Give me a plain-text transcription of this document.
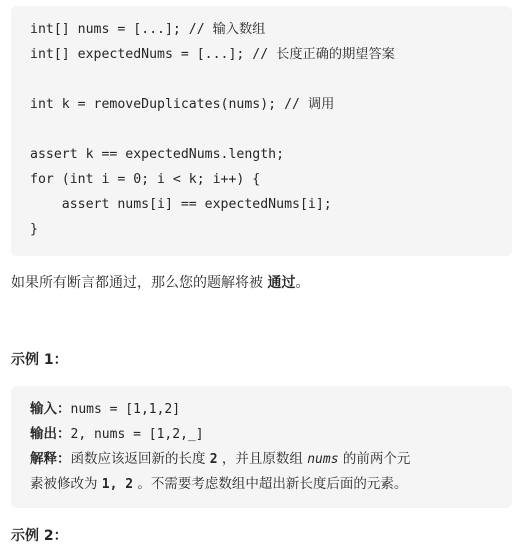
int[] nums = [...]; // 输入数组
int[] expectedNums = [...]; // 长度正确的期望答案
int k = removeDuplicates(nums); // 调用
assert k == expectedNums.length;
for (int i = 0; i < k; i++) {
assert nums[i] == expectedNums[i];
}
如果所有断言都通过，那么您的题解将被 通过。
示例 1：
输入：nums = [1,1,2]
输出：2, nums = [1,2,_]
解释：函数应该返回新的长度 2 ，并且原数组 nums 的前两个元
素被修改为 1, 2 。不需要考虑数组中超出新长度后面的元素。
示例 2：
